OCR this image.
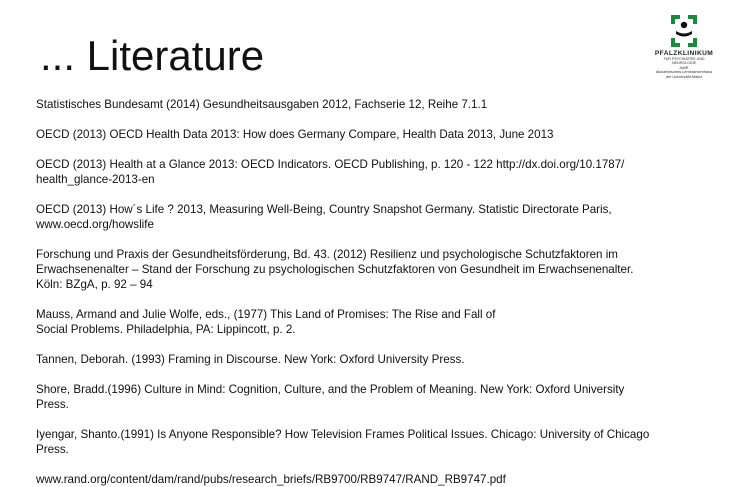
... Literature	PFALZKLINIKUM
FÜR PSYCHIATRIE UND
NEUROLOGIE
AdöR
Akademisches Lehrkrankenhaus
der Universität Mainz

Statistisches Bundesamt (2014) Gesundheitsausgaben 2012, Fachserie 12, Reihe 7.1.1

OECD (2013) OECD Health Data 2013: How does Germany Compare, Health Data 2013, June 2013

OECD (2013) Health at a Glance 2013: OECD Indicators. OECD Publishing, p. 120 - 122 http://dx.doi.org/10.1787/
health_glance-2013-en

OECD (2013) How´s Life ? 2013, Measuring Well-Being, Country Snapshot Germany. Statistic Directorate Paris,
www.oecd.org/howslife

Forschung und Praxis der Gesundheitsförderung, Bd. 43. (2012) Resilienz und psychologische Schutzfaktoren im
Erwachsenenalter – Stand der Forschung zu psychologischen Schutzfaktoren von Gesundheit im Erwachsenenalter.
Köln: BZgA, p. 92 – 94

Mauss, Armand and Julie Wolfe, eds., (1977) This Land of Promises: The Rise and Fall of
Social Problems. Philadelphia, PA: Lippincott, p. 2.

Tannen, Deborah. (1993) Framing in Discourse. New York: Oxford University Press.

Shore, Bradd.(1996) Culture in Mind: Cognition, Culture, and the Problem of Meaning. New York: Oxford University
Press.

Iyengar, Shanto.(1991) Is Anyone Responsible? How Television Frames Political Issues. Chicago: University of Chicago
Press.

www.rand.org/content/dam/rand/pubs/research_briefs/RB9700/RB9747/RAND_RB9747.pdf
